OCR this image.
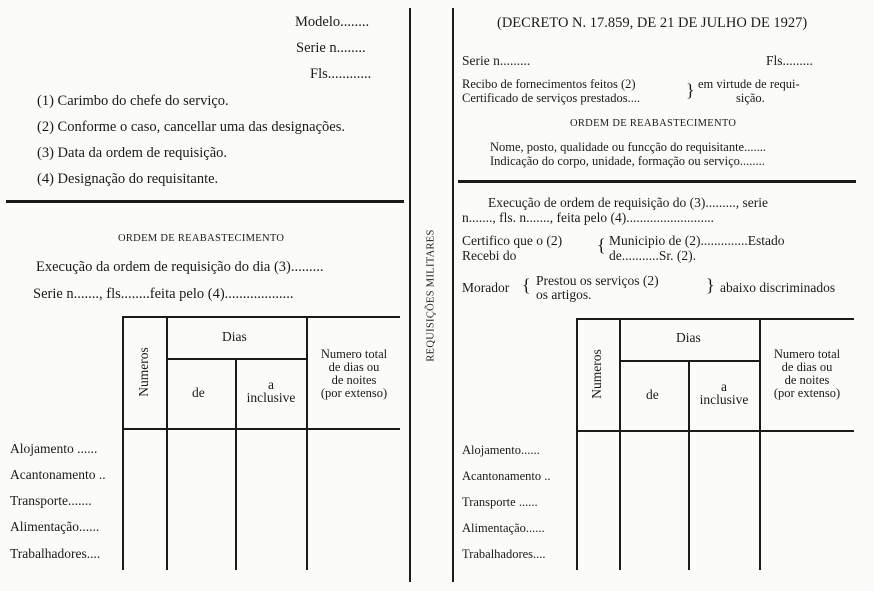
Modelo........
Serie n........
Fls............
(1) Carimbo do chefe do serviço.
(2) Conforme o caso, cancellar uma das designações.
(3) Data da ordem de requisição.
(4) Designação do requisitante.
ORDEM DE REABASTECIMENTO
Execução da ordem de requisição do dia (3).........
Serie n......., fls........feita pelo (4)...................
Numeros
Dias
de
a
inclusive
Numero total
de dias ou
de noites
(por extenso)
Alojamento ......
Acantonamento ..
Transporte.......
Alimentação......
Trabalhadores....
REQUISIÇÕES MILITARES
(DECRETO N. 17.859, DE 21 DE JULHO DE 1927)
Serie n.........	Fls.........
Recibo de fornecimentos feitos (2)
Certificado de serviços prestados....	} em virtude de requi-
sição.
ORDEM DE REABASTECIMENTO
Nome, posto, qualidade ou funcção do requisitante.......
Indicação do corpo, unidade, formação ou serviço........
Execução de ordem de requisição do (3)........., serie
n......., fls. n......., feita pelo (4)..........................
Certifico que o (2)
Recebi do
{ Municipio de (2)..............Estado
de...........Sr. (2).
Morador { Prestou os serviços (2)
os artigos.	} abaixo discriminados
Numeros
Dias
de
a
inclusive
Numero total
de dias ou
de noites
(por extenso)
Alojamento......
Acantonamento ..
Transporte ......
Alimentação......
Trabalhadores....
